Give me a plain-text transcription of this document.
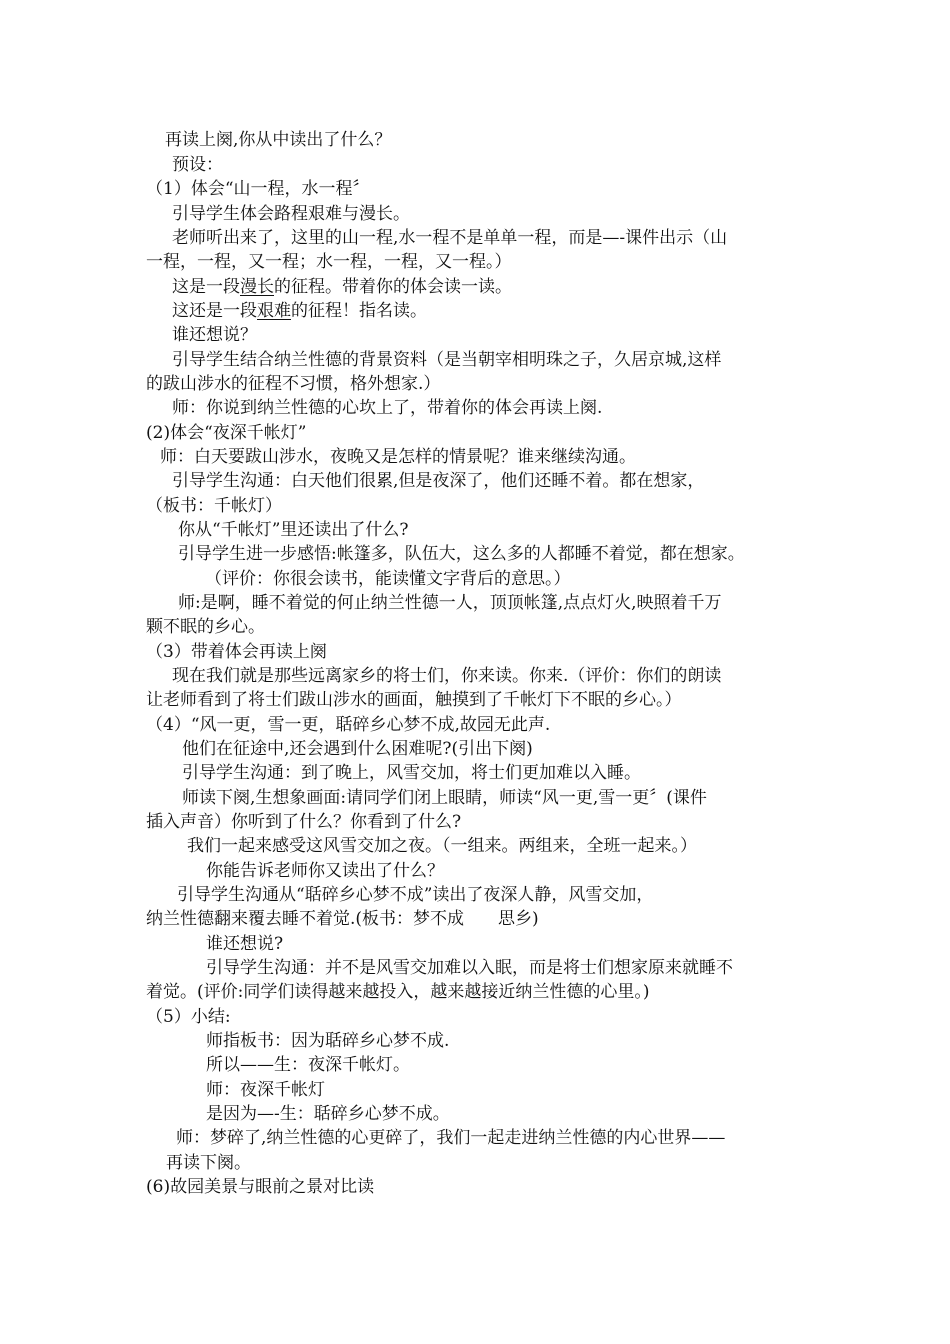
再读上阕,你从中读出了什么？
预设：
（1）体会“山一程，水一程〞
引导学生体会路程艰难与漫长。
老师听出来了，这里的山一程,水一程不是单单一程，而是—-课件出示（山
一程，一程，又一程；水一程，一程，又一程。）
这是一段漫长的征程。带着你的体会读一读。
这还是一段艰难的征程！指名读。
谁还想说？
引导学生结合纳兰性德的背景资料（是当朝宰相明珠之子，久居京城,这样
的跋山涉水的征程不习惯，格外想家.）
师：你说到纳兰性德的心坎上了，带着你的体会再读上阕.
(2)体会“夜深千帐灯”
师：白天要跋山涉水，夜晚又是怎样的情景呢？谁来继续沟通。
引导学生沟通：白天他们很累,但是夜深了，他们还睡不着。都在想家，
（板书：千帐灯）
你从“千帐灯”里还读出了什么?
引导学生进一步感悟:帐篷多，队伍大，这么多的人都睡不着觉，都在想家。
（评价：你很会读书，能读懂文字背后的意思。）
师:是啊，睡不着觉的何止纳兰性德一人，顶顶帐篷,点点灯火,映照着千万
颗不眠的乡心。
（3）带着体会再读上阕
现在我们就是那些远离家乡的将士们，你来读。你来.（评价：你们的朗读
让老师看到了将士们跋山涉水的画面，触摸到了千帐灯下不眠的乡心。）
（4）“风一更，雪一更，聒碎乡心梦不成,故园无此声.
他们在征途中,还会遇到什么困难呢?(引出下阕)
引导学生沟通：到了晚上，风雪交加，将士们更加难以入睡。
师读下阕,生想象画面:请同学们闭上眼睛，师读“风一更,雪一更〞(课件
插入声音）你听到了什么？你看到了什么?
我们一起来感受这风雪交加之夜。（一组来。两组来，全班一起来。）
你能告诉老师你又读出了什么？
引导学生沟通从“聒碎乡心梦不成”读出了夜深人静，风雪交加，
纳兰性德翻来覆去睡不着觉.(板书：梦不成　　思乡)
谁还想说?
引导学生沟通：并不是风雪交加难以入眠，而是将士们想家原来就睡不
着觉。(评价:同学们读得越来越投入，越来越接近纳兰性德的心里。)
（5）小结:
师指板书：因为聒碎乡心梦不成.
所以——生：夜深千帐灯。
师：夜深千帐灯
是因为—-生：聒碎乡心梦不成。
师：梦碎了,纳兰性德的心更碎了，我们一起走进纳兰性德的内心世界——
再读下阕。
(6)故园美景与眼前之景对比读
